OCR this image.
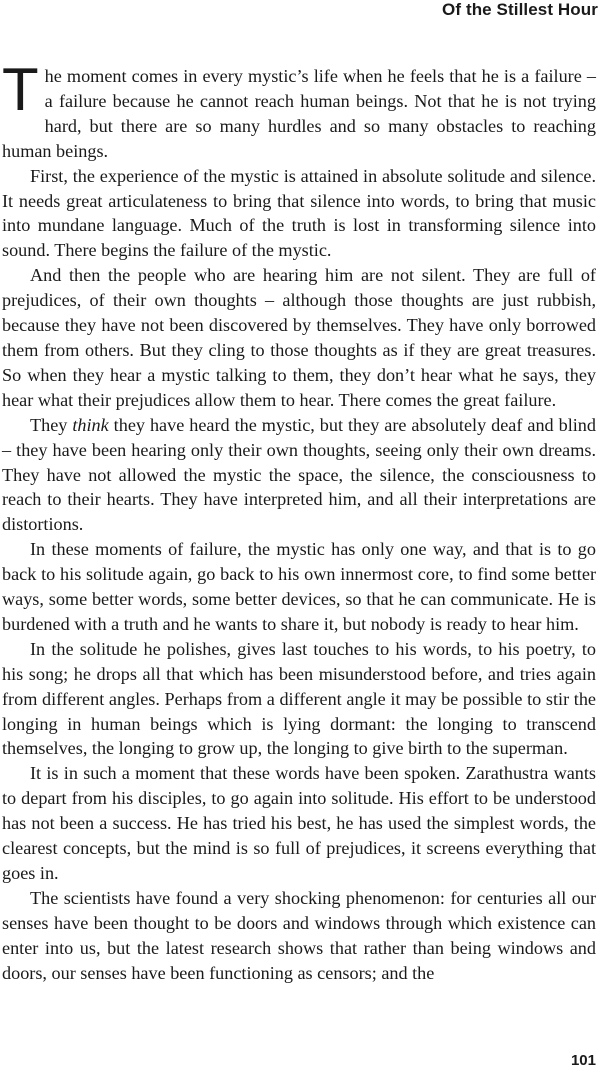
Of the Stillest Hour

The moment comes in every mystic’s life when he feels that he is a failure – a failure because he cannot reach human beings. Not that he is not trying hard, but there are so many hurdles and so many obstacles to reaching human beings.

First, the experience of the mystic is attained in absolute solitude and silence. It needs great articulateness to bring that silence into words, to bring that music into mundane language. Much of the truth is lost in transforming silence into sound. There begins the failure of the mystic.

And then the people who are hearing him are not silent. They are full of prejudices, of their own thoughts – although those thoughts are just rubbish, because they have not been discovered by themselves. They have only borrowed them from others. But they cling to those thoughts as if they are great treasures. So when they hear a mystic talking to them, they don’t hear what he says, they hear what their prejudices allow them to hear. There comes the great failure.

They think they have heard the mystic, but they are absolutely deaf and blind – they have been hearing only their own thoughts, seeing only their own dreams. They have not allowed the mystic the space, the silence, the consciousness to reach to their hearts. They have interpreted him, and all their interpretations are distortions.

In these moments of failure, the mystic has only one way, and that is to go back to his solitude again, go back to his own innermost core, to find some better ways, some better words, some better devices, so that he can communicate. He is burdened with a truth and he wants to share it, but nobody is ready to hear him.

In the solitude he polishes, gives last touches to his words, to his poetry, to his song; he drops all that which has been misunderstood before, and tries again from different angles. Perhaps from a different angle it may be possible to stir the longing in human beings which is lying dormant: the longing to transcend themselves, the longing to grow up, the longing to give birth to the superman.

It is in such a moment that these words have been spoken. Zarathustra wants to depart from his disciples, to go again into solitude. His effort to be understood has not been a success. He has tried his best, he has used the simplest words, the clearest concepts, but the mind is so full of prejudices, it screens everything that goes in.

The scientists have found a very shocking phenomenon: for centuries all our senses have been thought to be doors and windows through which existence can enter into us, but the latest research shows that rather than being windows and doors, our senses have been functioning as censors; and the

101
